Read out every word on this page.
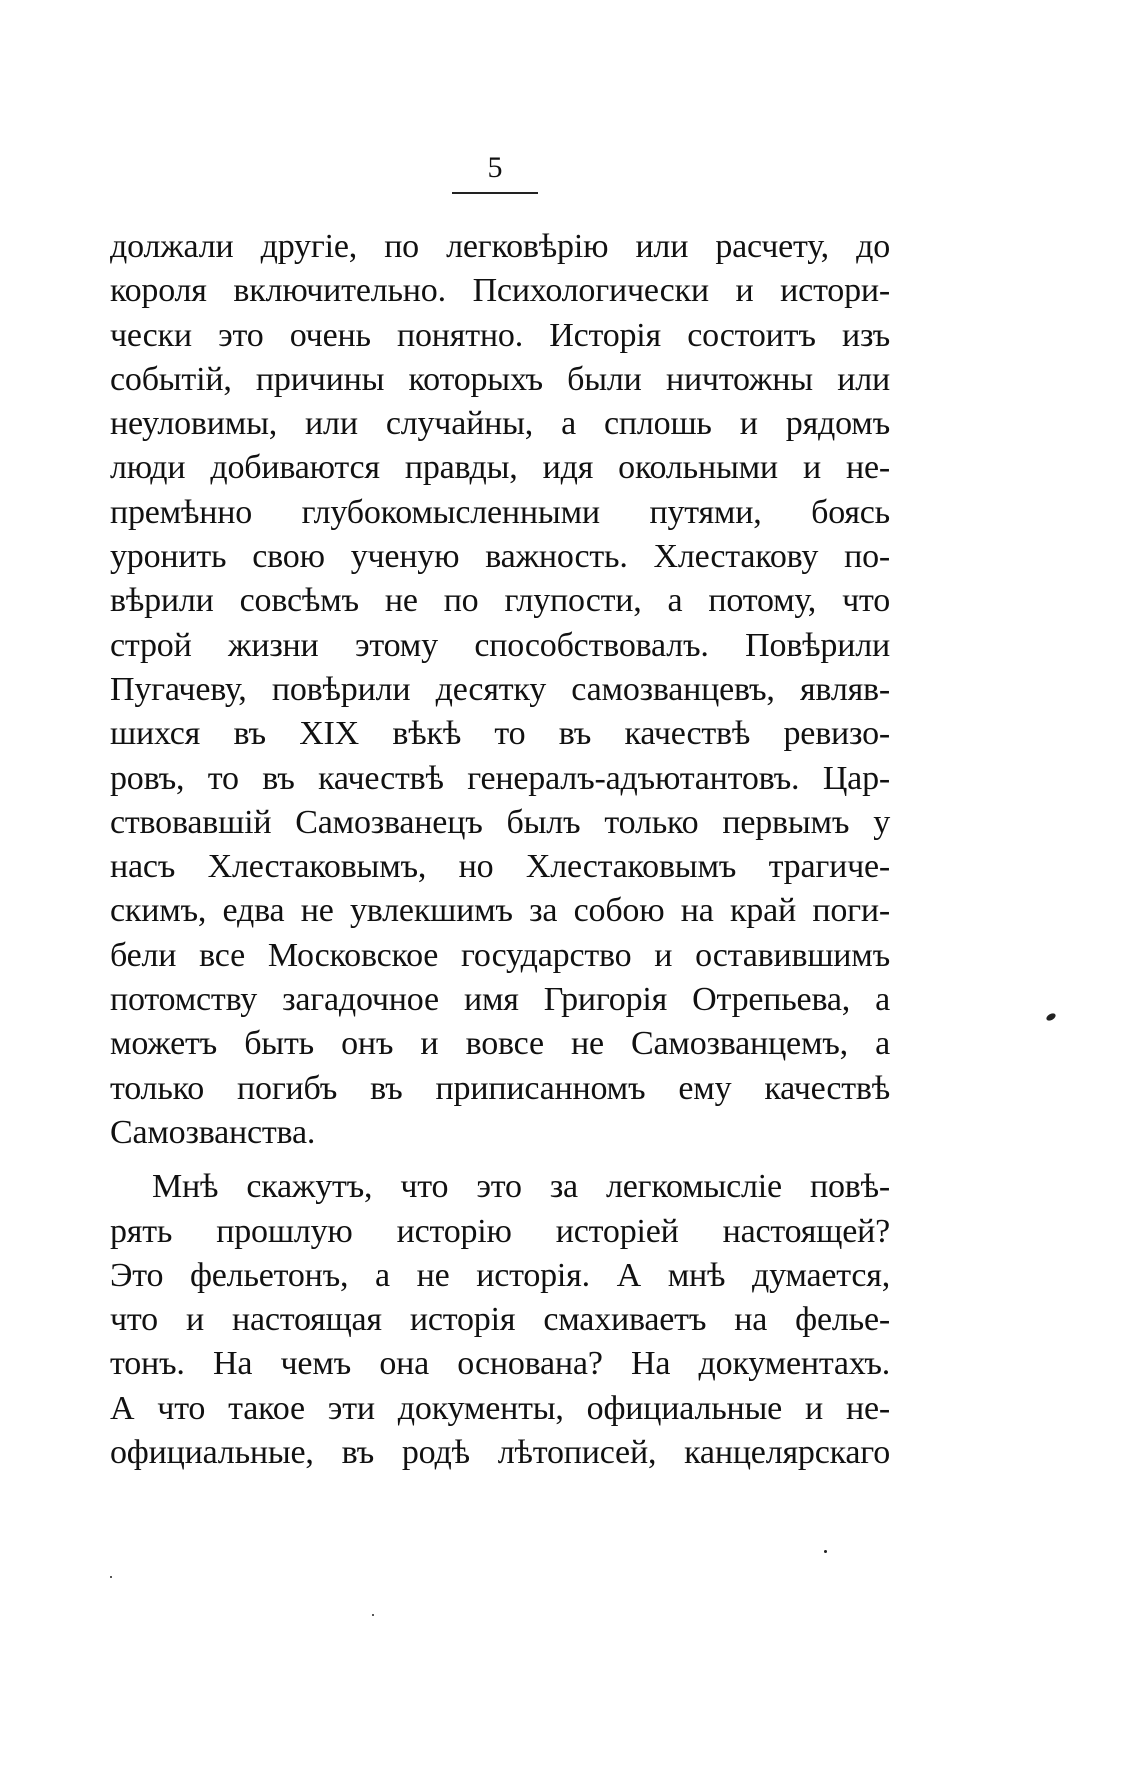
5
должали другіе, по легковѣрію или расчету, до
короля включительно. Психологически и истори-
чески это очень понятно. Исторія состоитъ изъ
событій, причины которыхъ были ничтожны или
неуловимы, или случайны, а сплошь и рядомъ
люди добиваются правды, идя окольными и не-
премѣнно глубокомысленными путями, боясь
уронить свою ученую важность. Хлестакову по-
вѣрили совсѣмъ не по глупости, а потому, что
строй жизни этому способствовалъ. Повѣрили
Пугачеву, повѣрили десятку самозванцевъ, являв-
шихся въ XIX вѣкѣ то въ качествѣ ревизо-
ровъ, то въ качествѣ генералъ-адъютантовъ. Цар-
ствовавшій Самозванецъ былъ только первымъ у
насъ Хлестаковымъ, но Хлестаковымъ трагиче-
скимъ, едва не увлекшимъ за собою на край поги-
бели все Московское государство и оставившимъ
потомству загадочное имя Григорія Отрепьева, а
можетъ быть онъ и вовсе не Самозванцемъ, а
только погибъ въ приписанномъ ему качествѣ
Самозванства.
Мнѣ скажутъ, что это за легкомысліе повѣ-
рять прошлую исторію исторіей настоящей?
Это фельетонъ, а не исторія. А мнѣ думается,
что и настоящая исторія смахиваетъ на фелье-
тонъ. На чемъ она основана? На документахъ.
А что такое эти документы, официальные и не-
официальные, въ родѣ лѣтописей, канцелярскаго
